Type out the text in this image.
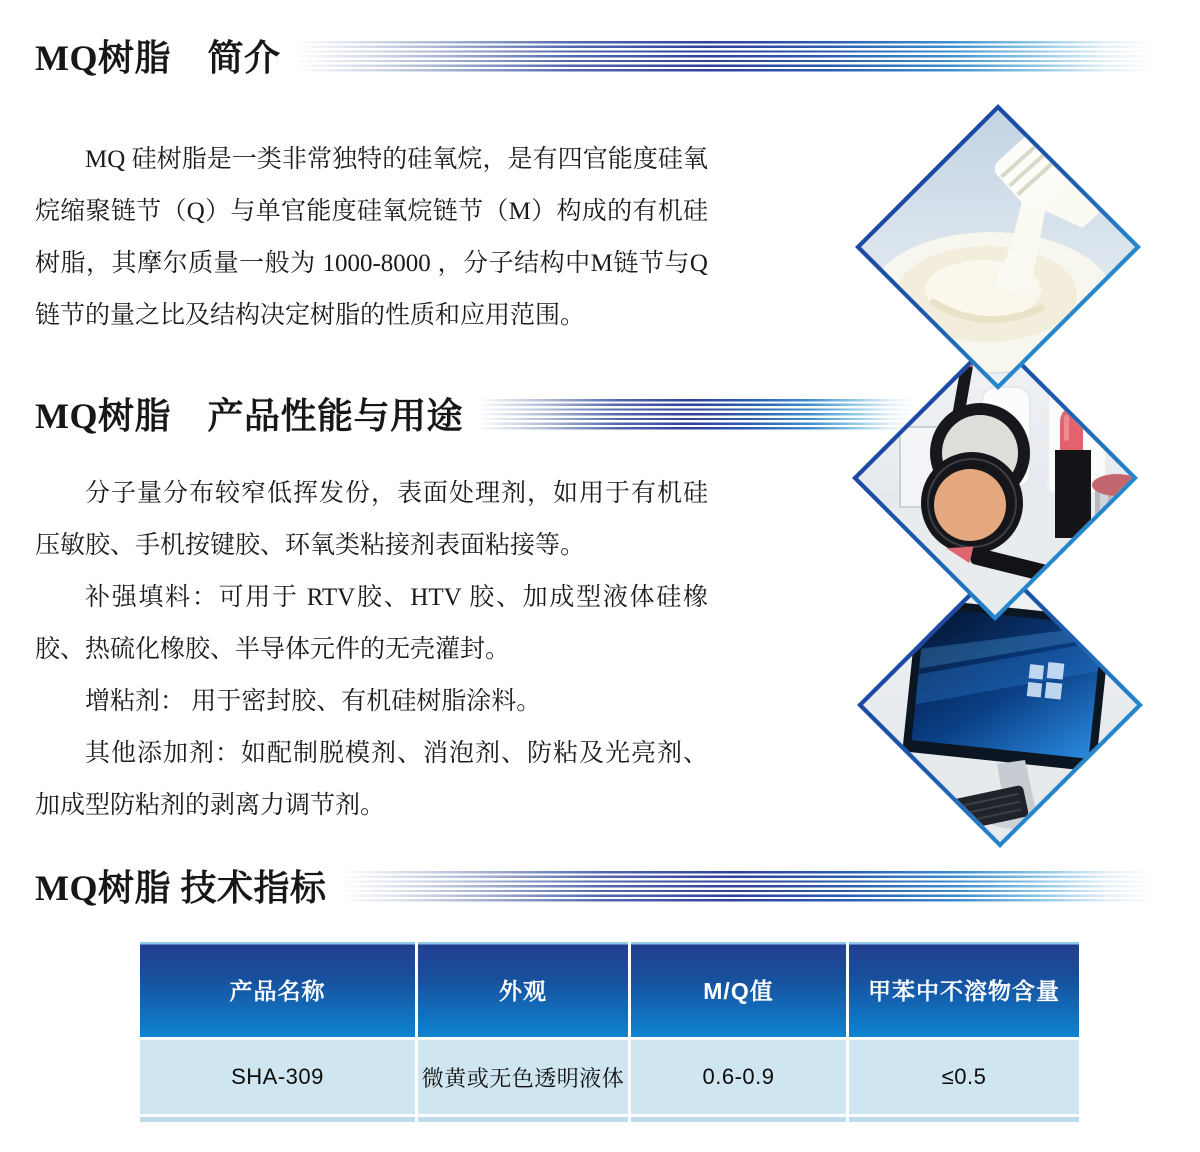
MQ树脂　简介

MQ 硅树脂是一类非常独特的硅氧烷，是有四官能度硅氧烷缩聚链节（Q）与单官能度硅氧烷链节（M）构成的有机硅树脂，其摩尔质量一般为 1000-8000 ，分子结构中M链节与Q链节的量之比及结构决定树脂的性质和应用范围。

MQ树脂　产品性能与用途

分子量分布较窄低挥发份，表面处理剂，如用于有机硅压敏胶、手机按键胶、环氧类粘接剂表面粘接等。

补强填料：可用于 RTV胶、HTV 胶、加成型液体硅橡胶、热硫化橡胶、半导体元件的无壳灌封。

增粘剂： 用于密封胶、有机硅树脂涂料。

其他添加剂：如配制脱模剂、消泡剂、防粘及光亮剂、加成型防粘剂的剥离力调节剂。

MQ树脂 技术指标
产品名称	外观	M/Q值	甲苯中不溶物含量
SHA-309	微黄或无色透明液体	0.6-0.9	≤0.5
